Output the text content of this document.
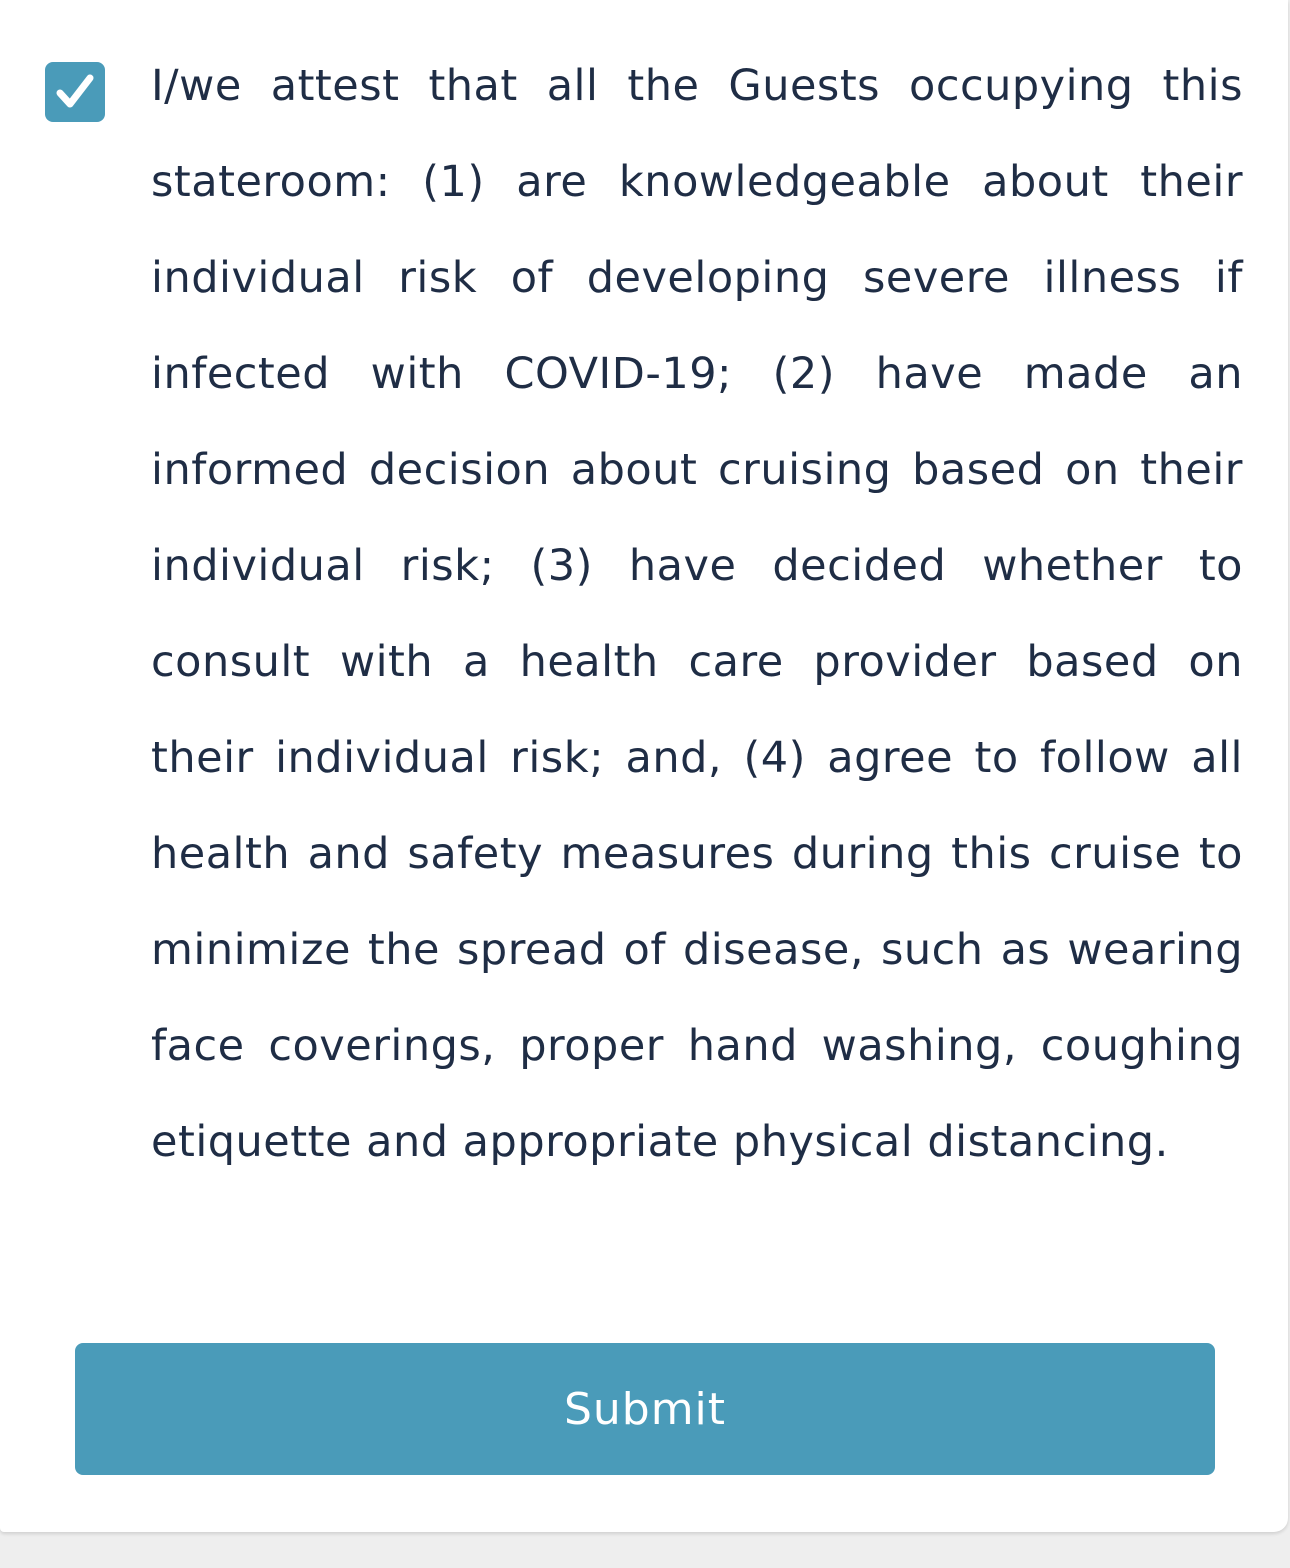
I/we attest that all the Guests occupying this stateroom: (1) are knowledgeable about their individual risk of developing severe illness if infected with COVID-19; (2) have made an informed decision about cruising based on their individual risk; (3) have decided whether to consult with a health care provider based on their individual risk; and, (4) agree to follow all health and safety measures during this cruise to minimize the spread of disease, such as wearing face coverings, proper hand washing, coughing etiquette and appropriate physical distancing.

Submit
